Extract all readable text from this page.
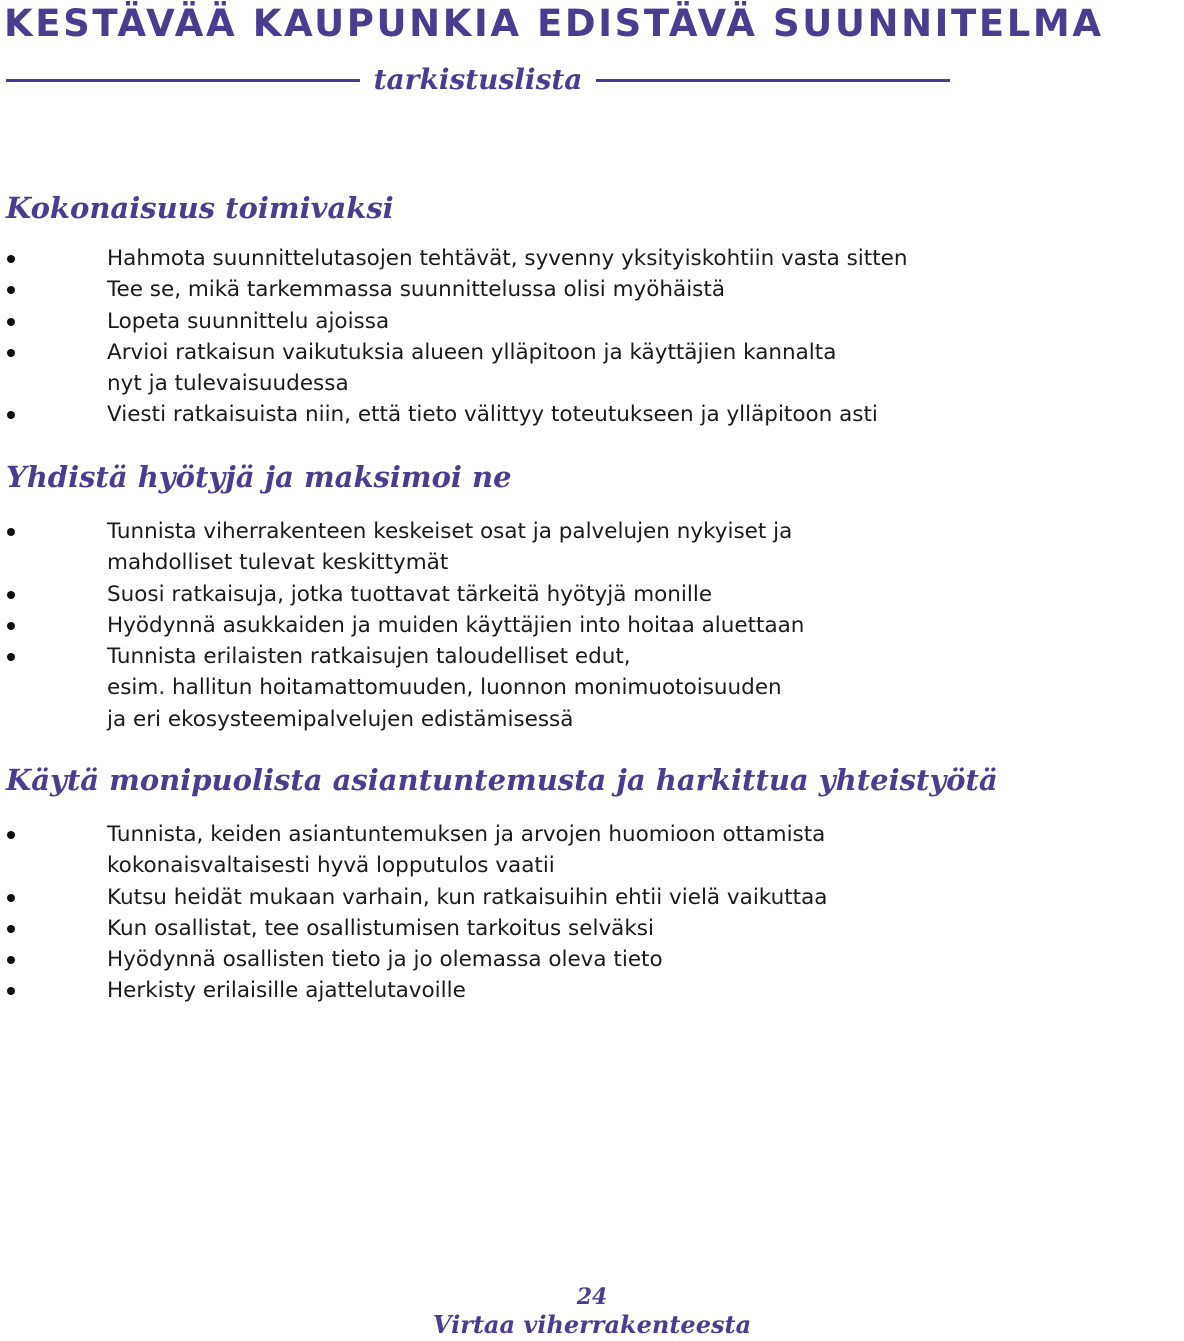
KESTÄVÄÄ KAUPUNKIA EDISTÄVÄ SUUNNITELMA
tarkistuslista
Kokonaisuus toimivaksi
Hahmota suunnittelutasojen tehtävät, syvenny yksityiskohtiin vasta sitten
Tee se, mikä tarkemmassa suunnittelussa olisi myöhäistä
Lopeta suunnittelu ajoissa
Arvioi ratkaisun vaikutuksia alueen ylläpitoon ja käyttäjien kannalta
nyt ja tulevaisuudessa
Viesti ratkaisuista niin, että tieto välittyy toteutukseen ja ylläpitoon asti
Yhdistä hyötyjä ja maksimoi ne
Tunnista viherrakenteen keskeiset osat ja palvelujen nykyiset ja
mahdolliset tulevat keskittymät
Suosi ratkaisuja, jotka tuottavat tärkeitä hyötyjä monille
Hyödynnä asukkaiden ja muiden käyttäjien into hoitaa aluettaan
Tunnista erilaisten ratkaisujen taloudelliset edut,
esim. hallitun hoitamattomuuden, luonnon monimuotoisuuden
ja eri ekosysteemipalvelujen edistämisessä
Käytä monipuolista asiantuntemusta ja harkittua yhteistyötä
Tunnista, keiden asiantuntemuksen ja arvojen huomioon ottamista
kokonaisvaltaisesti hyvä lopputulos vaatii
Kutsu heidät mukaan varhain, kun ratkaisuihin ehtii vielä vaikuttaa
Kun osallistat, tee osallistumisen tarkoitus selväksi
Hyödynnä osallisten tieto ja jo olemassa oleva tieto
Herkisty erilaisille ajattelutavoille
24
Virtaa viherrakenteesta
